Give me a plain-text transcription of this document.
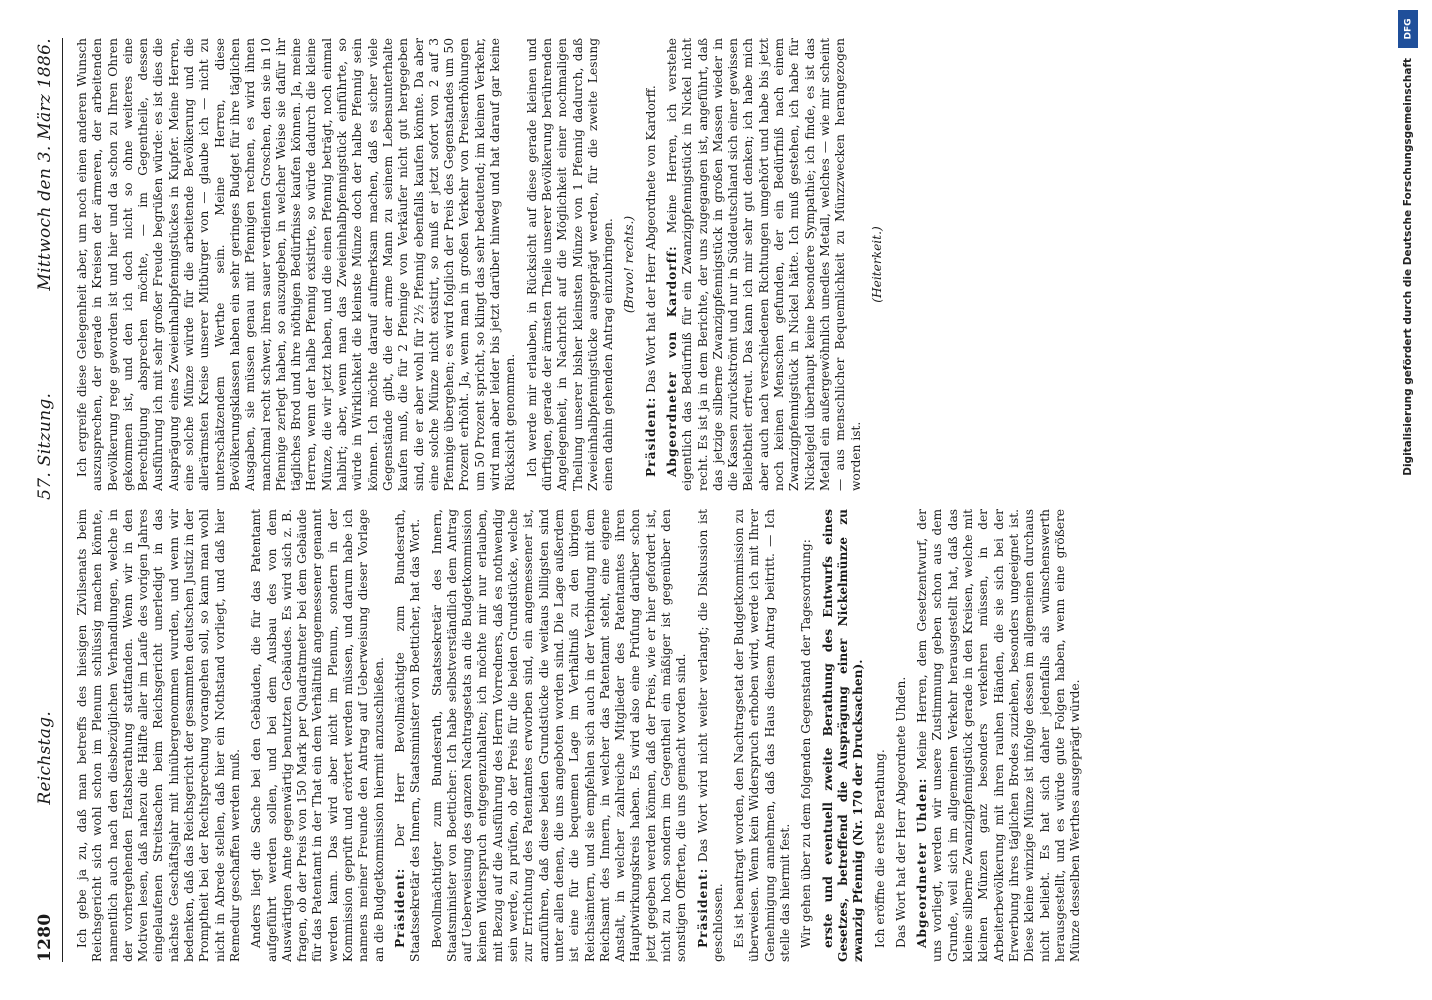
1280
Reichstag.
57. Sitzung.
Mittwoch den 3. März 1886.

Ich gebe ja zu, daß man betreffs des hiesigen Zivilsenats beim Reichsgericht sich wohl schon im Plenum schlüssig machen könnte, namentlich auch nach den diesbezüglichen Verhandlungen, welche in der vorhergehenden Etatsberathung stattfanden. Wenn wir in den Motiven lesen, daß nahezu die Hälfte aller im Laufe des vorigen Jahres eingelaufenen Streitsachen beim Reichsgericht unerledigt in das nächste Geschäftsjahr mit hinübergenommen wurden, und wenn wir bedenken, daß das Reichsgericht der gesammten deutschen Justiz in der Promptheit bei der Rechtsprechung vorangehen soll, so kann man wohl nicht in Abrede stellen, daß hier ein Nothstand vorliegt, und daß hier Remedur geschaffen werden muß. Anders liegt die Sache bei den Gebäuden, die für das Patentamt aufgeführt werden sollen, und bei dem Ausbau des von dem Auswärtigen Amte gegenwärtig benutzten Gebäudes. Es wird sich z. B. fragen, ob der Preis von 150 Mark per Quadratmeter bei dem Gebäude für das Patentamt in der That ein dem Verhältniß angemessener genannt werden kann. Das wird aber nicht im Plenum, sondern in der Kommission geprüft und erörtert werden müssen, und darum habe ich namens meiner Freunde den Antrag auf Ueberweisung dieser Vorlage an die Budgetkommission hiermit anzuschließen. Präsident: Der Herr Bevollmächtigte zum Bundesrath, Staatssekretär des Innern, Staatsminister von Boetticher, hat das Wort. Bevollmächtigter zum Bundesrath, Staatssekretär des Innern, Staatsminister von Boetticher: Ich habe selbstverständlich dem Antrag auf Ueberweisung des ganzen Nachtragsetats an die Budgetkommission keinen Widerspruch entgegenzuhalten; ich möchte mir nur erlauben, mit Bezug auf die Ausführung des Herrn Vorredners, daß es nothwendig sein werde, zu prüfen, ob der Preis für die beiden Grundstücke, welche zur Errichtung des Patentamtes erworben sind, ein angemessener ist, anzuführen, daß diese beiden Grundstücke die weitaus billigsten sind unter allen denen, die uns angeboten worden sind. Die Lage außerdem ist eine für die bequemen Lage im Verhältniß zu den übrigen Reichsämtern, und sie empfehlen sich auch in der Verbindung mit dem Reichsamt des Innern, in welcher das Patentamt steht, eine eigene Anstalt, in welcher zahlreiche Mitglieder des Patentamtes ihren Hauptwirkungskreis haben. Es wird also eine Prüfung darüber schon jetzt gegeben werden können, daß der Preis, wie er hier gefordert ist, nicht zu hoch sondern im Gegentheil ein mäßiger ist gegenüber den sonstigen Offerten, die uns gemacht worden sind. Präsident: Das Wort wird nicht weiter verlangt; die Diskussion ist geschlossen. Es ist beantragt worden, den Nachtragsetat der Budgetkommission zu überweisen. Wenn kein Widerspruch erhoben wird, werde ich mit Ihrer Genehmigung annehmen, daß das Haus diesem Antrag beitritt. — Ich stelle das hiermit fest. Wir gehen über zu dem folgenden Gegenstand der Tagesordnung: erste und eventuell zweite Berathung des Entwurfs eines Gesetzes, betreffend die Ausprägung einer Nickelmünze zu zwanzig Pfennig (Nr. 170 der Drucksachen). Ich eröffne die erste Berathung. Das Wort hat der Herr Abgeordnete Uhden. Abgeordneter Uhden: Meine Herren, dem Gesetzentwurf, der uns vorliegt, werden wir unsere Zustimmung geben schon aus dem Grunde, weil sich im allgemeinen Verkehr herausgestellt hat, daß das kleine silberne Zwanzigpfennigstück gerade in den Kreisen, welche mit kleinen Münzen ganz besonders verkehren müssen, in der Arbeiterbevölkerung mit ihren rauhen Händen, die sie sich bei der Erwerbung ihres täglichen Brodes zuziehen, besonders ungeeignet ist. Diese kleine winzige Münze ist infolge dessen im allgemeinen durchaus nicht beliebt. Es hat sich daher jedenfalls als wünschenswerth herausgestellt, und es würde gute Folgen haben, wenn eine größere Münze desselben Werthes ausgeprägt würde.

Ich ergreife diese Gelegenheit aber, um noch einen anderen Wunsch auszusprechen, der gerade in Kreisen der ärmeren, der arbeitenden Bevölkerung rege geworden ist und hier und da schon zu Ihren Ohren gekommen ist, und den ich doch nicht so ohne weiteres eine Berechtigung absprechen möchte, — im Gegentheile, dessen Ausführung ich mit sehr großer Freude begrüßen würde: es ist dies die Ausprägung eines Zweieinhalbpfennigstückes in Kupfer. Meine Herren, eine solche Münze würde für die arbeitende Bevölkerung und die allerärmsten Kreise unserer Mitbürger von — glaube ich — nicht zu unterschätzendem Werthe sein. Meine Herren, diese Bevölkerungsklassen haben ein sehr geringes Budget für ihre täglichen Ausgaben, sie müssen genau mit Pfennigen rechnen, es wird ihnen manchmal recht schwer, ihren sauer verdienten Groschen, den sie in 10 Pfennige zerlegt haben, so auszugeben, in welcher Weise sie dafür ihr tägliches Brod und ihre nöthigen Bedürfnisse kaufen können. Ja, meine Herren, wenn der halbe Pfennig existirte, so würde dadurch die kleine Münze, die wir jetzt haben, und die einen Pfennig beträgt, noch einmal halbirt; aber, wenn man das Zweieinhalbpfennigstück einführte, so würde in Wirklichkeit die kleinste Münze doch der halbe Pfennig sein können. Ich möchte darauf aufmerksam machen, daß es sicher viele Gegenstände gibt, die der arme Mann zu seinem Lebensunterhalte kaufen muß, die für 2 Pfennige von Verkäufer nicht gut hergegeben sind, die er aber wohl für 2½ Pfennig ebenfalls kaufen könnte. Da aber eine solche Münze nicht existirt, so muß er jetzt sofort von 2 auf 3 Pfennige übergehen; es wird folglich der Preis des Gegenstandes um 50 Prozent erhöht. Ja, wenn man in großen Verkehr von Preiserhöhungen um 50 Prozent spricht, so klingt das sehr bedeutend; im kleinen Verkehr, wird man aber leider bis jetzt darüber hinweg und hat darauf gar keine Rücksicht genommen. Ich werde mir erlauben, in Rücksicht auf diese gerade kleinen und dürftigen, gerade der ärmsten Theile unserer Bevölkerung berührenden Angelegenheit, in Nachricht auf die Möglichkeit einer nochmaligen Theilung unserer bisher kleinsten Münze von 1 Pfennig dadurch, daß Zweieinhalbpfennigstücke ausgeprägt werden, für die zweite Lesung einen dahin gehenden Antrag einzubringen. (Bravo! rechts.)

Präsident: Das Wort hat der Herr Abgeordnete von Kardorff. Abgeordneter von Kardorff: Meine Herren, ich verstehe eigentlich das Bedürfniß für ein Zwanzigpfennigstück in Nickel nicht recht. Es ist ja in dem Berichte, der uns zugegangen ist, angeführt, daß das jetzige silberne Zwanzigpfennigstück in großen Massen wieder in die Kassen zurückströmt und nur in Süddeutschland sich einer gewissen Beliebtheit erfreut. Das kann ich mir sehr gut denken; ich habe mich aber auch nach verschiedenen Richtungen umgehört und habe bis jetzt noch keinen Menschen gefunden, der ein Bedürfniß nach einem Zwanzigpfennigstück in Nickel hätte. Ich muß gestehen, ich habe für Nickelgeld überhaupt keine besondere Sympathie; ich finde, es ist das Metall ein außergewöhnlich unedles Metall, welches — wie mir scheint — aus menschlicher Bequemlichkeit zu Münzzwecken herangezogen worden ist.

(Heiterkeit.)

DFG
Digitalisierung gefördert durch die Deutsche Forschungsgemeinschaft
